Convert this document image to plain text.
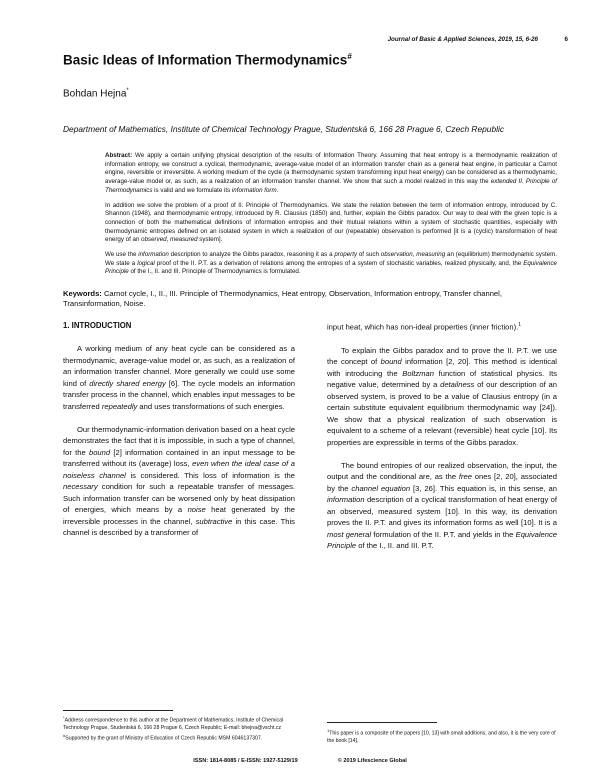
Journal of Basic & Applied Sciences, 2019, 15, 6-26	6
Basic Ideas of Information Thermodynamics#
Bohdan Hejna*
Department of Mathematics, Institute of Chemical Technology Prague, Studentská 6, 166 28 Prague 6, Czech Republic

Abstract: We apply a certain unifying physical description of the results of Information Theory. Assuming that heat entropy is a thermodynamic realization of information entropy, we construct a cyclical, thermodynamic, average-value model of an information transfer chain as a general heat engine, in particular a Carnot engine, reversible or irreversible. A working medium of the cycle (a thermodynamic system transforming input heat energy) can be considered as a thermodynamic, average-value model or, as such, as a realization of an information transfer channel. We show that such a model realized in this way the extended II. Principle of Thermodynamics is valid and we formulate its information form.

In addition we solve the problem of a proof of II. Principle of Thermodynamics. We state the relation between the term of information entropy, introduced by C. Shannon (1948), and thermodynamic entropy, introduced by R. Clausius (1850) and, further, explain the Gibbs paradox. Our way to deal with the given topic is a connection of both the mathematical definitions of information entropies and their mutual relations within a system of stochastic quantities, especially with thermodynamic entropies defined on an isolated system in which a realization of our (repeatable) observation is performed [it is a (cyclic) transformation of heat energy of an observed, measured system].

We use the information description to analyze the Gibbs paradox, reasoning it as a property of such observation, measuring an (equilibrium) thermodynamic system. We state a logical proof of the II. P.T. as a derivation of relations among the entropies of a system of stochastic variables, realized physically, and, the Equivalence Principle of the I., II. and III. Principle of Thermodynamics is formulated.

Keywords: Carnot cycle, I., II., III. Principle of Thermodynamics, Heat entropy, Observation, Information entropy, Transfer channel, Transinformation, Noise.
1. INTRODUCTION

A working medium of any heat cycle can be considered as a thermodynamic, average-value model or, as such, as a realization of an information transfer channel. More generally we could use some kind of directly shared energy [6]. The cycle models an information transfer process in the channel, which enables input messages to be transferred repeatedly and uses transformations of such energies.

Our thermodynamic-information derivation based on a heat cycle demonstrates the fact that it is impossible, in such a type of channel, for the bound [2] information contained in an input message to be transferred without its (average) loss, even when the ideal case of a noiseless channel is considered. This loss of information is the necessary condition for such a repeatable transfer of messages. Such information transfer can be worsened only by heat dissipation of energies, which means by a noise heat generated by the irreversible processes in the channel, subtractive in this case. This channel is described by a transformer of

input heat, which has non-ideal properties (inner friction).$^1$

To explain the Gibbs paradox and to prove the II. P.T. we use the concept of bound information [2, 20]. This method is identical with introducing the Boltzman function of statistical physics. Its negative value, determined by a detailness of our description of an observed system, is proved to be a value of Clausius entropy (in a certain substitute equivalent equilibrium thermodynamic way [24]). We show that a physical realization of such observation is equivalent to a scheme of a relevant (reversible) heat cycle [10]. Its properties are expressible in terms of the Gibbs paradox.

The bound entropies of our realized observation, the input, the output and the conditional are, as the free ones [2, 20], associated by the channel equation [3, 26]. This equation is, in this sense, an information description of a cyclical transformation of heat energy of an observed, measured system [10]. In this way, its derivation proves the II. P.T. and gives its information forms as well [10]. It is a most general formulation of the II. P.T. and yields in the Equivalence Principle of the I., II. and III. P.T.

*Address correspondence to this author at the Department of Mathematics, Institute of Chemical Technology Prague, Studentská 6, 166 28 Prague 6, Czech Republic; E-mail: bhejna@vscht.cz
#Supported by the grant of Ministry of Education of Czech Republic MSM 6046137307.
$^1$This paper is a composite of the papers [10, 13] with small additions, and also, it is the very core of the book [14].
ISSN: 1814-8085 / E-ISSN: 1927-5129/19	© 2019 Lifescience Global
